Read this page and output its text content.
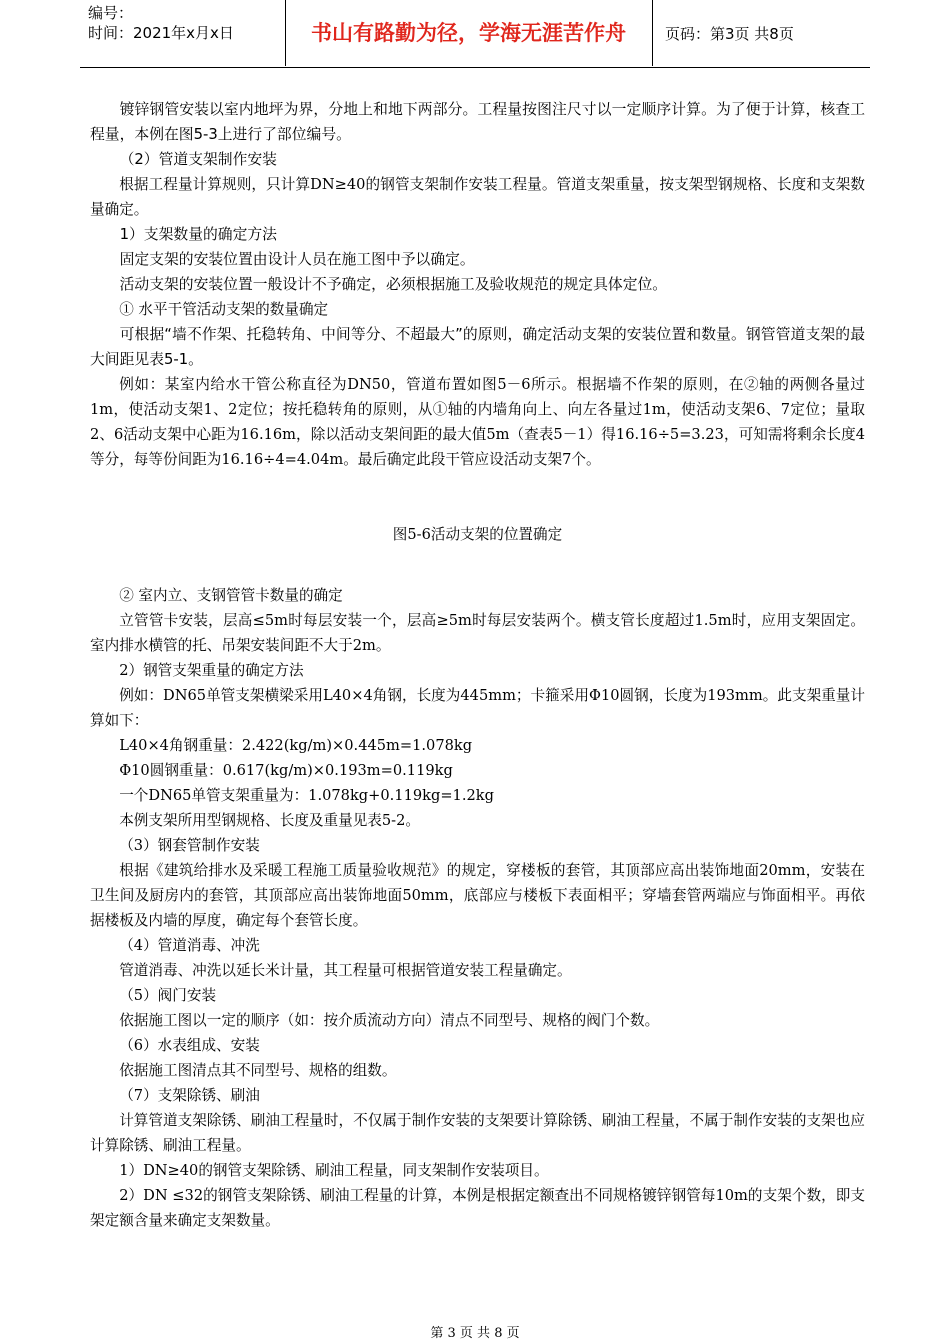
编号：
时间：2021年x月x日	书山有路勤为径，学海无涯苦作舟	页码：第3页 共8页

镀锌钢管安装以室内地坪为界，分地上和地下两部分。工程量按图注尺寸以一定顺序计算。为了便于计算，核查工程量，本例在图5-3上进行了部位编号。

（2）管道支架制作安装

根据工程量计算规则，只计算DN≥40的钢管支架制作安装工程量。管道支架重量，按支架型钢规格、长度和支架数量确定。

1）支架数量的确定方法

固定支架的安装位置由设计人员在施工图中予以确定。

活动支架的安装位置一般设计不予确定，必须根据施工及验收规范的规定具体定位。

① 水平干管活动支架的数量确定

可根据“墙不作架、托稳转角、中间等分、不超最大”的原则，确定活动支架的安装位置和数量。钢管管道支架的最大间距见表5-1。

例如：某室内给水干管公称直径为DN50，管道布置如图5－6所示。根据墙不作架的原则，在②轴的两侧各量过1m，使活动支架1、2定位；按托稳转角的原则，从①轴的内墙角向上、向左各量过1m，使活动支架6、7定位；量取2、6活动支架中心距为16.16m，除以活动支架间距的最大值5m（查表5－1）得16.16÷5=3.23，可知需将剩余长度4等分，每等份间距为16.16÷4=4.04m。最后确定此段干管应设活动支架7个。

图5-6活动支架的位置确定

② 室内立、支钢管管卡数量的确定

立管管卡安装，层高≤5m时每层安装一个，层高≥5m时每层安装两个。横支管长度超过1.5m时，应用支架固定。室内排水横管的托、吊架安装间距不大于2m。

2）钢管支架重量的确定方法

例如：DN65单管支架横梁采用L40×4角钢，长度为445mm；卡箍采用Φ10圆钢，长度为193mm。此支架重量计算如下：

L40×4角钢重量：2.422(kg/m)×0.445m=1.078kg

Φ10圆钢重量：0.617(kg/m)×0.193m=0.119kg

一个DN65单管支架重量为：1.078kg+0.119kg=1.2kg

本例支架所用型钢规格、长度及重量见表5-2。

（3）钢套管制作安装

根据《建筑给排水及采暖工程施工质量验收规范》的规定，穿楼板的套管，其顶部应高出装饰地面20mm，安装在卫生间及厨房内的套管，其顶部应高出装饰地面50mm，底部应与楼板下表面相平；穿墙套管两端应与饰面相平。再依据楼板及内墙的厚度，确定每个套管长度。

（4）管道消毒、冲洗

管道消毒、冲洗以延长米计量，其工程量可根据管道安装工程量确定。

（5）阀门安装

依据施工图以一定的顺序（如：按介质流动方向）清点不同型号、规格的阀门个数。

（6）水表组成、安装

依据施工图清点其不同型号、规格的组数。

（7）支架除锈、刷油

计算管道支架除锈、刷油工程量时，不仅属于制作安装的支架要计算除锈、刷油工程量，不属于制作安装的支架也应计算除锈、刷油工程量。

1）DN≥40的钢管支架除锈、刷油工程量，同支架制作安装项目。

2）DN ≤32的钢管支架除锈、刷油工程量的计算，本例是根据定额查出不同规格镀锌钢管每10m的支架个数，即支架定额含量来确定支架数量。

第 3 页 共 8 页
